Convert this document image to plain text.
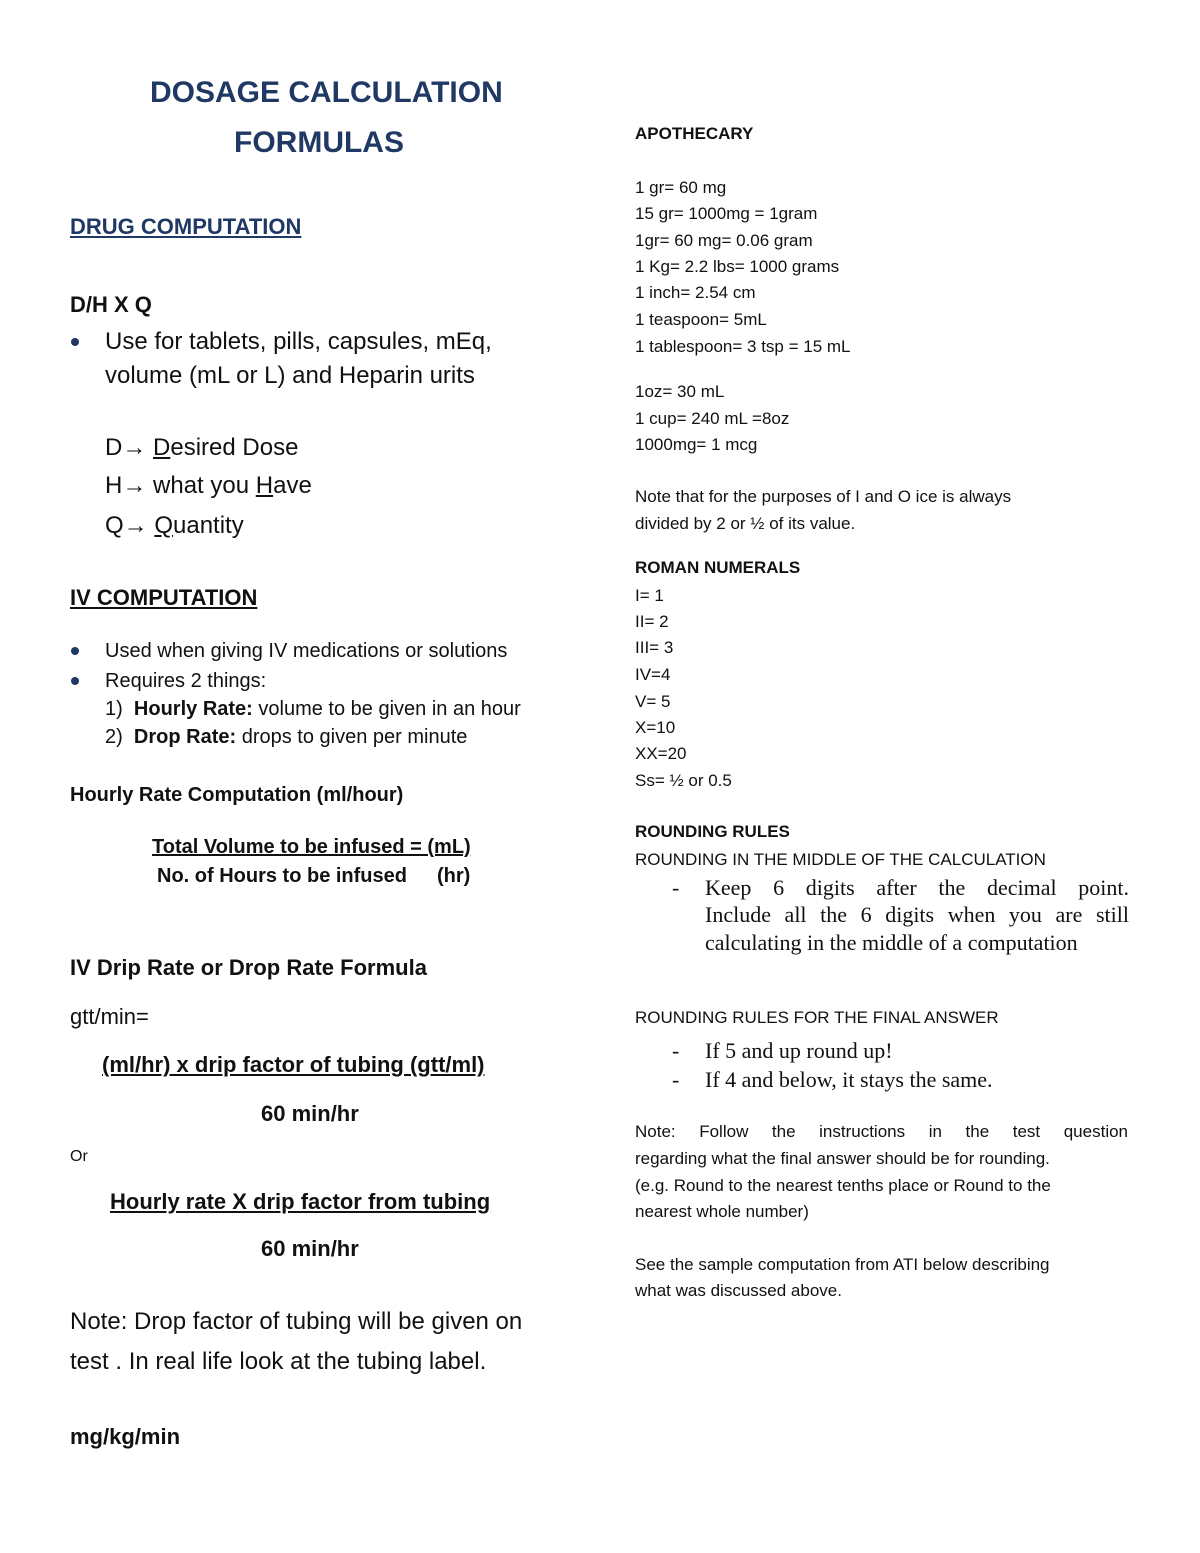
DOSAGE CALCULATION
FORMULAS
DRUG COMPUTATION
D/H X Q
Use for tablets, pills, capsules, mEq,
volume (mL or L) and Heparin urits
D→ Desired Dose
H→ what you Have
Q→ Quantity
IV COMPUTATION
Used when giving IV medications or solutions
Requires 2 things:
1) Hourly Rate: volume to be given in an hour
2) Drop Rate: drops to given per minute
Hourly Rate Computation (ml/hour)
Total Volume to be infused = (mL)
No. of Hours to be infused (hr)
IV Drip Rate or Drop Rate Formula
gtt/min=
(ml/hr) x drip factor of tubing (gtt/ml)
60 min/hr
Or
Hourly rate X drip factor from tubing
60 min/hr
Note: Drop factor of tubing will be given on
test . In real life look at the tubing label.
mg/kg/min
APOTHECARY
1 gr= 60 mg
15 gr= 1000mg = 1gram
1gr= 60 mg= 0.06 gram
1 Kg= 2.2 lbs= 1000 grams
1 inch= 2.54 cm
1 teaspoon= 5mL
1 tablespoon= 3 tsp = 15 mL
1oz= 30 mL
1 cup= 240 mL =8oz
1000mg= 1 mcg
Note that for the purposes of I and O ice is always
divided by 2 or ½ of its value.
ROMAN NUMERALS
I= 1
II= 2
III= 3
IV=4
V= 5
X=10
XX=20
Ss= ½ or 0.5
ROUNDING RULES
ROUNDING IN THE MIDDLE OF THE CALCULATION
- Keep 6 digits after the decimal point.
Include all the 6 digits when you are still
calculating in the middle of a computation
ROUNDING RULES FOR THE FINAL ANSWER
- If 5 and up round up!
- If 4 and below, it stays the same.
Note: Follow the instructions in the test question
regarding what the final answer should be for rounding.
(e.g. Round to the nearest tenths place or Round to the
nearest whole number)
See the sample computation from ATI below describing
what was discussed above.
